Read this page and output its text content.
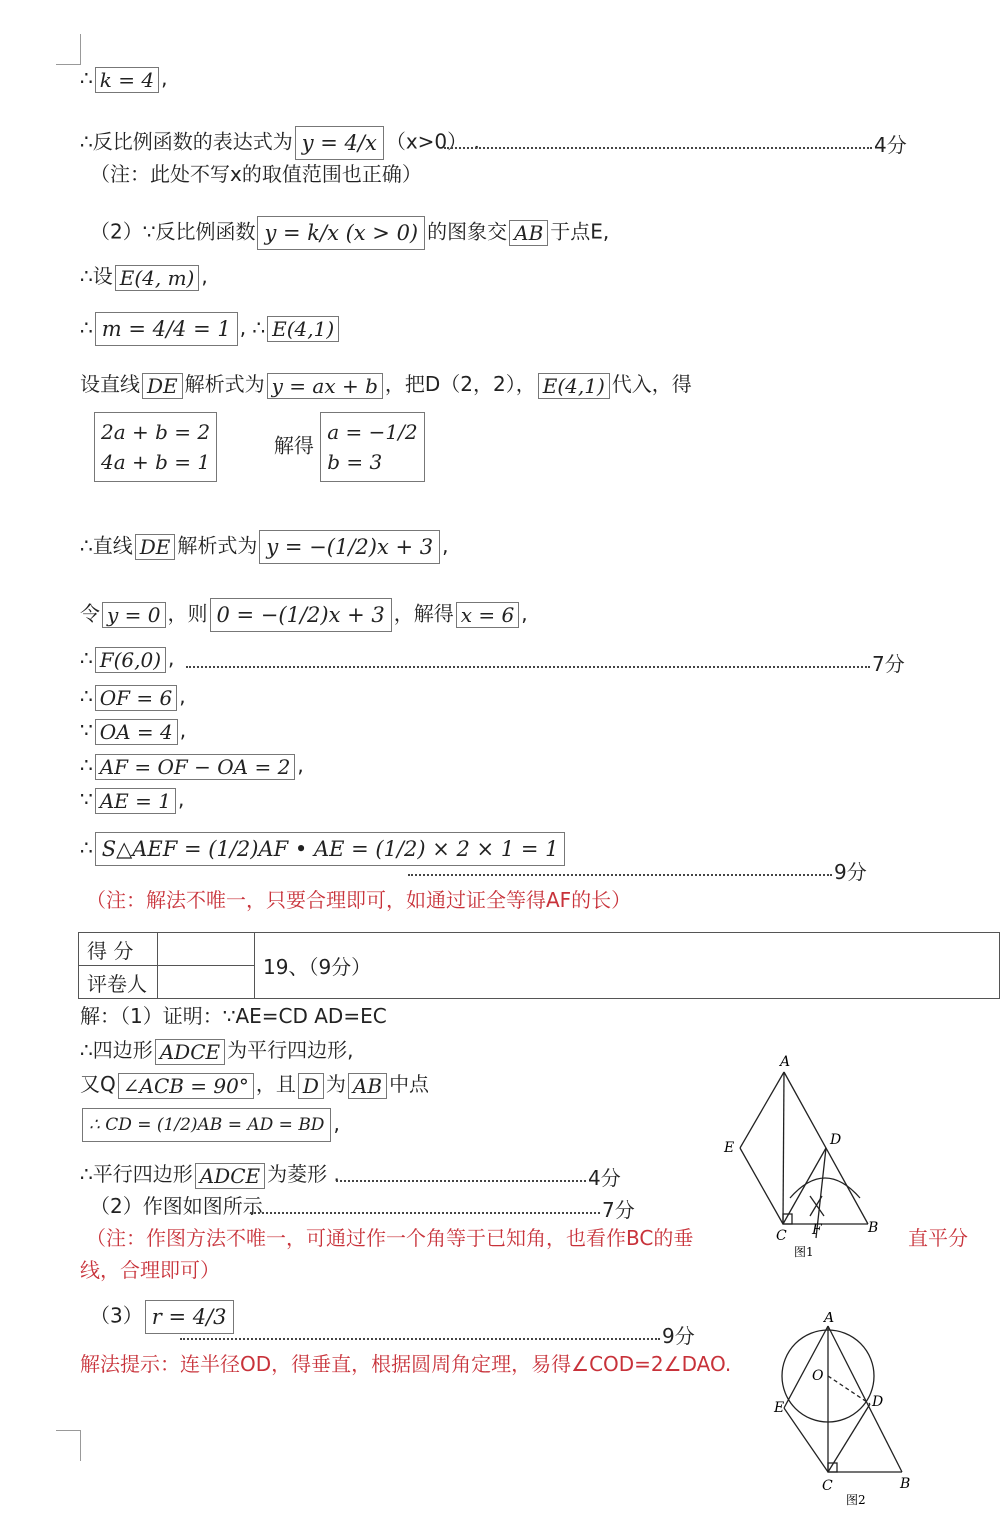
∴ k = 4 ,
∴反比例函数的表达式为 y = 4/x （x>0） .	4分
（注：此处不写x的取值范围也正确）
（2）∵反比例函数 y = k/x (x > 0) 的图象交 AB 于点E,
∴设 E(4, m) ,
∴ m = 4/4 = 1 , ∴ E(4,1)
设直线 DE 解析式为 y = ax + b ，把D（2，2）， E(4,1) 代入，得
2a + b = 2
4a + b = 1  解得 a = −1/2
b = 3
∴直线 DE 解析式为 y = −(1/2)x + 3 ,
令 y = 0 ，则 0 = −(1/2)x + 3 ，解得 x = 6 ,
∴ F(6,0) ,	7分
∴ OF = 6 ,
∵ OA = 4 ,
∴ AF = OF − OA = 2 ,
∵ AE = 1 ,
∴ S△AEF = (1/2)AF • AE = (1/2) × 2 × 1 = 1
9分
（注：解法不唯一，只要合理即可，如通过证全等得AF的长）
得 分		19、（9分）
评卷人		
解：（1）证明：∵AE=CD AD=EC
∴四边形 ADCE 为平行四边形,
又Q ∠ACB = 90° ，且 D 为 AB 中点
∴ CD = (1/2)AB = AD = BD ,
∴平行四边形 ADCE 为菱形 .	4分
（2）作图如图所示	7分
（注：作图方法不唯一，可通过作一个角等于已知角，也看作BC的垂	直平分
线，合理即可）
（3） r = 4/3
9分
解法提示：连半径OD，得垂直，根据圆周角定理，易得∠COD=2∠DAO.
A
D
E
C F	B
图1
A
O
D
E
C	B
图2
